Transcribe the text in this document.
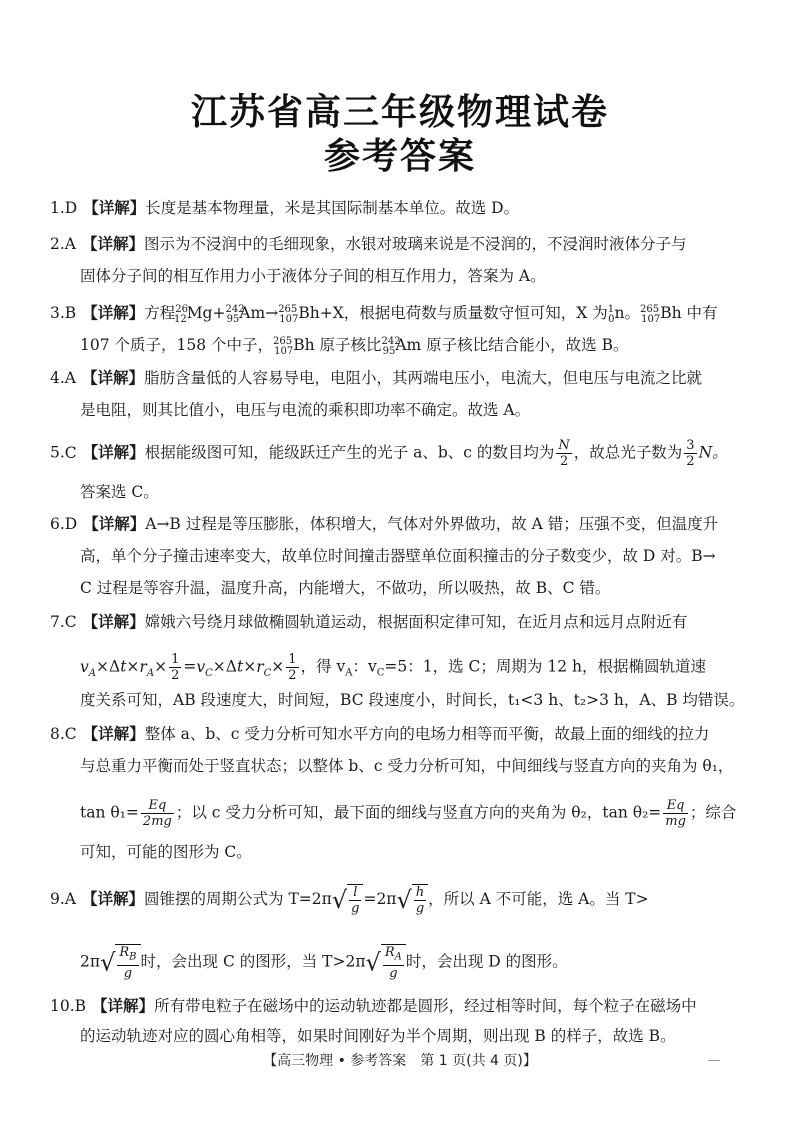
江苏省高三年级物理试卷
参考答案
1.D 【详解】长度是基本物理量，米是其国际制基本单位。故选 D。
2.A 【详解】图示为不浸润中的毛细现象，水银对玻璃来说是不浸润的，不浸润时液体分子与
固体分子间的相互作用力小于液体分子间的相互作用力，答案为 A。
3.B 【详解】方程$^{26}_{12}$Mg+$^{242}_{95}$Am→$^{265}_{107}$Bh+X，根据电荷数与质量数守恒可知，X 为$^1_0$n。$^{265}_{107}$Bh 中有
107 个质子，158 个中子，$^{265}_{107}$Bh 原子核比$^{242}_{95}$Am 原子核比结合能小，故选 B。
4.A 【详解】脂肪含量低的人容易导电，电阻小，其两端电压小，电流大，但电压与电流之比就
是电阻，则其比值小，电压与电流的乘积即功率不确定。故选 A。
5.C 【详解】根据能级图可知，能级跃迁产生的光子 a、b、c 的数目均为 $\frac{N}{2}$ ，故总光子数为 $\frac{3}{2}$ N。
答案选 C。
6.D 【详解】A→B 过程是等压膨胀，体积增大，气体对外界做功，故 A 错；压强不变，但温度升
高，单个分子撞击速率变大，故单位时间撞击器壁单位面积撞击的分子数变少，故 D 对。B→
C 过程是等容升温，温度升高，内能增大，不做功，所以吸热，故 B、C 错。
7.C 【详解】嫦娥六号绕月球做椭圆轨道运动，根据面积定律可知，在近月点和远月点附近有
$v_A\times\Delta t\times r_A\times \frac{1}{2} =v_C\times\Delta t\times r_C\times \frac{1}{2}$ ，得 $v_A$：$v_C=5$：1，选 C；周期为 12 h，根据椭圆轨道速
度关系可知，AB 段速度大，时间短，BC 段速度小，时间长，t₁<3 h、t₂>3 h，A、B 均错误。
8.C 【详解】整体 a、b、c 受力分析可知水平方向的电场力相等而平衡，故最上面的细线的拉力
与总重力平衡而处于竖直状态；以整体 b、c 受力分析可知，中间细线与竖直方向的夹角为 θ₁，
$\tan \theta_1= \frac{Eq}{2mg}$ ；以 c 受力分析可知，最下面的细线与竖直方向的夹角为 θ₂，$\tan \theta_2= \frac{Eq}{mg}$ ；综合
可知，可能的图形为 C。
9.A 【详解】圆锥摆的周期公式为 $T=2\pi√ \frac{l}{g} =2\pi√ \frac{h}{g}$ ，所以 A 不可能，选 A。当 T>
$2\pi√ \frac{R_B}{g}$ 时，会出现 C 的图形，当 $T>2\pi√ \frac{R_A}{g}$ 时，会出现 D 的图形。
10.B 【详解】所有带电粒子在磁场中的运动轨迹都是圆形，经过相等时间，每个粒子在磁场中
的运动轨迹对应的圆心角相等，如果时间刚好为半个周期，则出现 B 的样子，故选 B。
【高三物理 • 参考答案　第 1 页(共 4 页)】
